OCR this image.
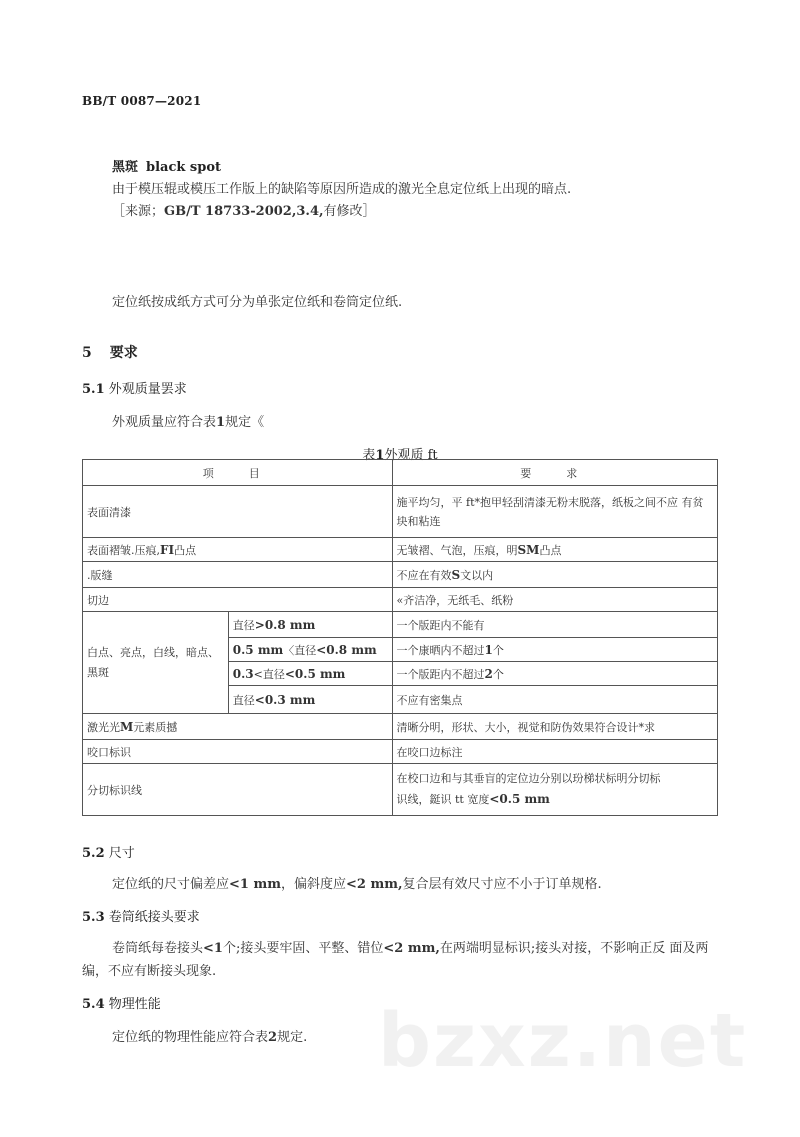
BB/T 0087—2021
黑斑 black spot
由于模压辊或模压工作版上的缺陷等原因所造成的激光全息定位纸上出现的暗点.
［来源；GB/T 18733-2002,3.4,有修改］
定位纸按成纸方式可分为单张定位纸和卷筒定位纸.
5 要求
5.1 外观质量罢求
外观质量应符合表1规定《
表1外观质 ft
项　目		要　求
表面清漆		施平均匀，平 ft*抱甲轻刮清漆无粉末脱落，纸板之间不应 有贫块和粘连
表面褶皱.压痕,FI凸点		无皱褶、气泡，压痕，明SM凸点
.版缝		不应在有效S文以内
切边		«齐洁净，无纸毛、纸粉
白点、亮点，白线，暗点、黑斑	直径>0.8 mm	一个版距内不能有
	0.5 mm〈直径<0.8 mm	一个康晒内不超过1个
	0.3<直径<0.5 mm	一个版距内不超过2个
	直径<0.3 mm	不应有密集点
激光光M元素质撼		清晰分明，形状、大小，视觉和防伪效果符合设计*求
咬口标识		在咬口边标注
分切标识线		在校口边和与其垂盲的定位边分别以玢梯状标明分切标
识线，鋌识 tt 宽度<0.5 mm
5.2 尺寸
定位纸的尺寸偏差应<1 mm，偏斜度应<2 mm,复合层有效尺寸应不小于订单规格.
5.3 卷筒纸接头要求
卷筒纸每卷接头<1个;接头要牢固、平整、错位<2 mm,在两端明显标识;接头对接，不影响正反 面及两
编，不应有断接头现象.
bzxz.net
5.4 物理性能
定位纸的物理性能应符合表2规定.
